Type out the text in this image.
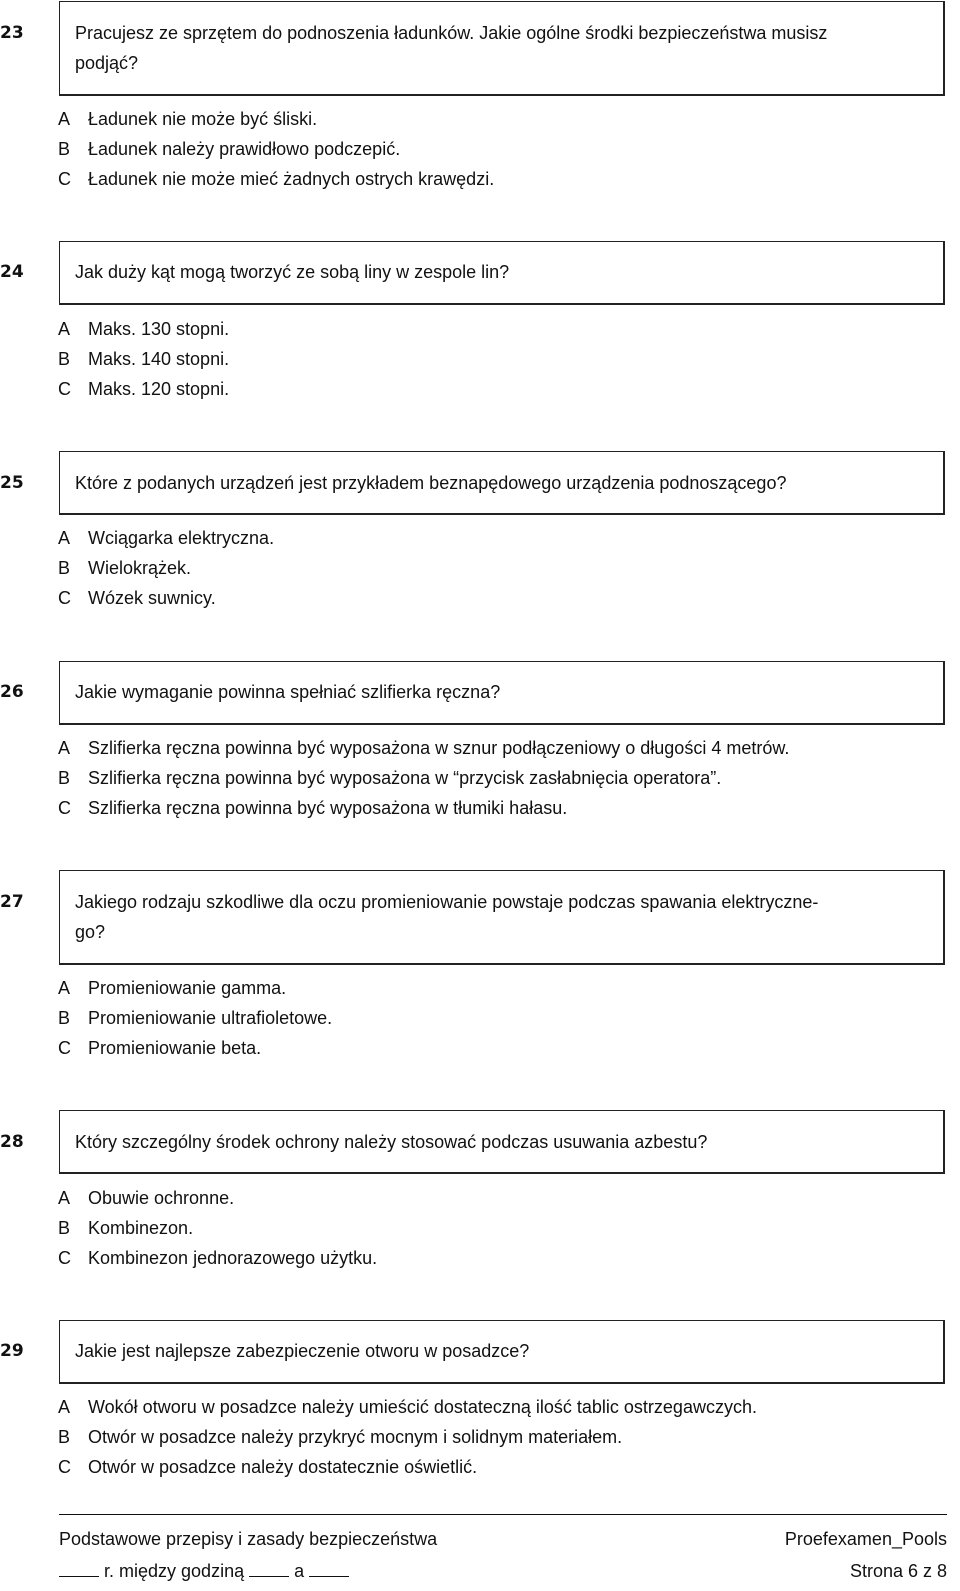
23	Pracujesz ze sprzętem do podnoszenia ładunków. Jakie ogólne środki bezpieczeństwa musisz
podjąć?
A Ładunek nie może być śliski.
B Ładunek należy prawidłowo podczepić.
C Ładunek nie może mieć żadnych ostrych krawędzi.
24	Jak duży kąt mogą tworzyć ze sobą liny w zespole lin?
A Maks. 130 stopni.
B Maks. 140 stopni.
C Maks. 120 stopni.
25	Które z podanych urządzeń jest przykładem beznapędowego urządzenia podnoszącego?
A Wciągarka elektryczna.
B Wielokrążek.
C Wózek suwnicy.
26	Jakie wymaganie powinna spełniać szlifierka ręczna?
A Szlifierka ręczna powinna być wyposażona w sznur podłączeniowy o długości 4 metrów.
B Szlifierka ręczna powinna być wyposażona w “przycisk zasłabnięcia operatora”.
C Szlifierka ręczna powinna być wyposażona w tłumiki hałasu.
27	Jakiego rodzaju szkodliwe dla oczu promieniowanie powstaje podczas spawania elektryczne-
go?
A Promieniowanie gamma.
B Promieniowanie ultrafioletowe.
C Promieniowanie beta.
28	Który szczególny środek ochrony należy stosować podczas usuwania azbestu?
A Obuwie ochronne.
B Kombinezon.
C Kombinezon jednorazowego użytku.
29	Jakie jest najlepsze zabezpieczenie otworu w posadzce?
A Wokół otworu w posadzce należy umieścić dostateczną ilość tablic ostrzegawczych.
B Otwór w posadzce należy przykryć mocnym i solidnym materiałem.
C Otwór w posadzce należy dostatecznie oświetlić.
Podstawowe przepisy i zasady bezpieczeństwa	Proefexamen_Pools
r. między godziną	a	Strona 6 z 8
